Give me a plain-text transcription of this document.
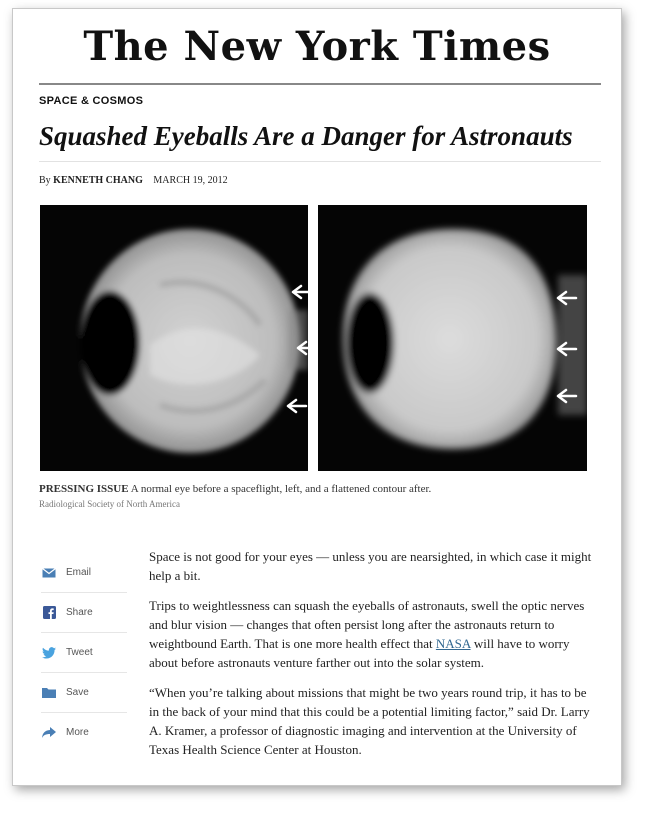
The New York Times
SPACE & COSMOS
Squashed Eyeballs Are a Danger for Astronauts
By KENNETH CHANG MARCH 19, 2012
PRESSING ISSUE A normal eye before a spaceflight, left, and a flattened contour after.
Radiological Society of North America
Email
Share
Tweet
Save
More

Space is not good for your eyes — unless you are nearsighted, in which case it might help a bit.

Trips to weightlessness can squash the eyeballs of astronauts, swell the optic nerves and blur vision — changes that often persist long after the astronauts return to weightbound Earth. That is one more health effect that NASA will have to worry about before astronauts venture farther out into the solar system.

“When you’re talking about missions that might be two years round trip, it has to be in the back of your mind that this could be a potential limiting factor,” said Dr. Larry A. Kramer, a professor of diagnostic imaging and intervention at the University of Texas Health Science Center at Houston.
